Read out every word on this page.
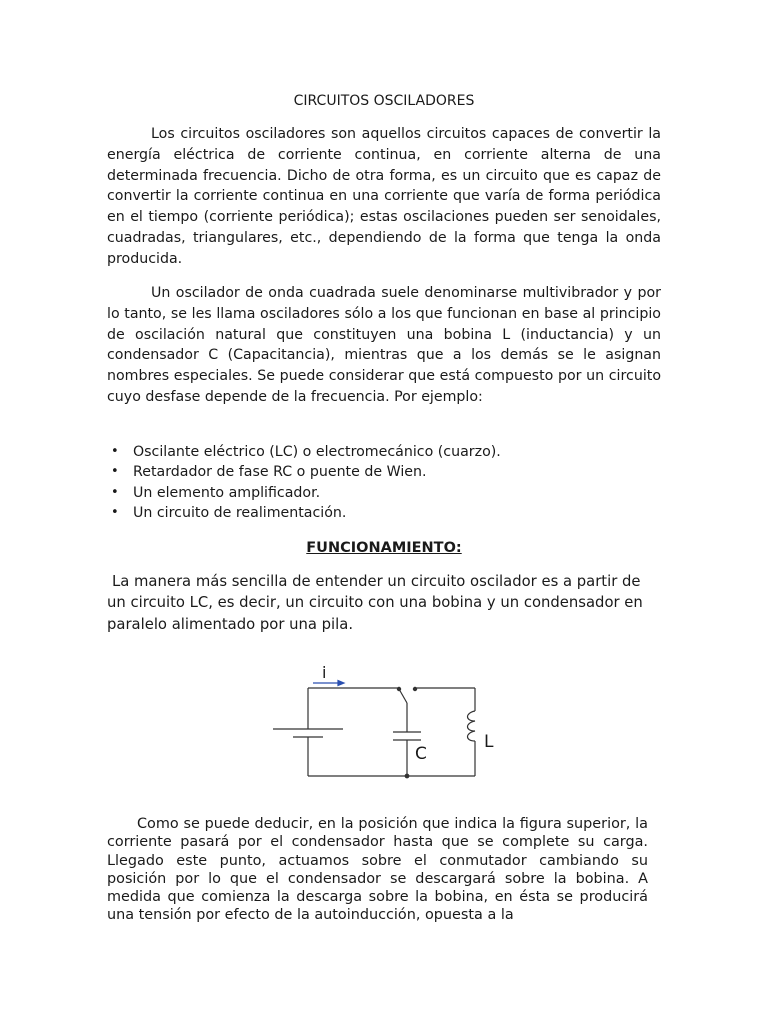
CIRCUITOS OSCILADORES

Los circuitos osciladores son aquellos circuitos capaces de convertir la energía eléctrica de corriente continua, en corriente alterna de una determinada frecuencia. Dicho de otra forma, es un circuito que es capaz de convertir la corriente continua en una corriente que varía de forma periódica en el tiempo (corriente periódica); estas oscilaciones pueden ser senoidales, cuadradas, triangulares, etc., dependiendo de la forma que tenga la onda producida.

Un oscilador de onda cuadrada suele denominarse multivibrador y por lo tanto, se les llama osciladores sólo a los que funcionan en base al principio de oscilación natural que constituyen una bobina L (inductancia) y un condensador C (Capacitancia), mientras que a los demás se le asignan nombres especiales. Se puede considerar que está compuesto por un circuito cuyo desfase depende de la frecuencia. Por ejemplo:

• Oscilante eléctrico (LC) o electromecánico (cuarzo).
• Retardador de fase RC o puente de Wien.
• Un elemento amplificador.
• Un circuito de realimentación.
FUNCIONAMIENTO:

La manera más sencilla de entender un circuito oscilador es a partir de un circuito LC, es decir, un circuito con una bobina y un condensador en paralelo alimentado por una pila.

i
C
L

Como se puede deducir, en la posición que indica la figura superior, la corriente pasará por el condensador hasta que se complete su carga. Llegado este punto, actuamos sobre el conmutador cambiando su posición por lo que el condensador se descargará sobre la bobina. A medida que comienza la descarga sobre la bobina, en ésta se producirá una tensión por efecto de la autoinducción, opuesta a la
